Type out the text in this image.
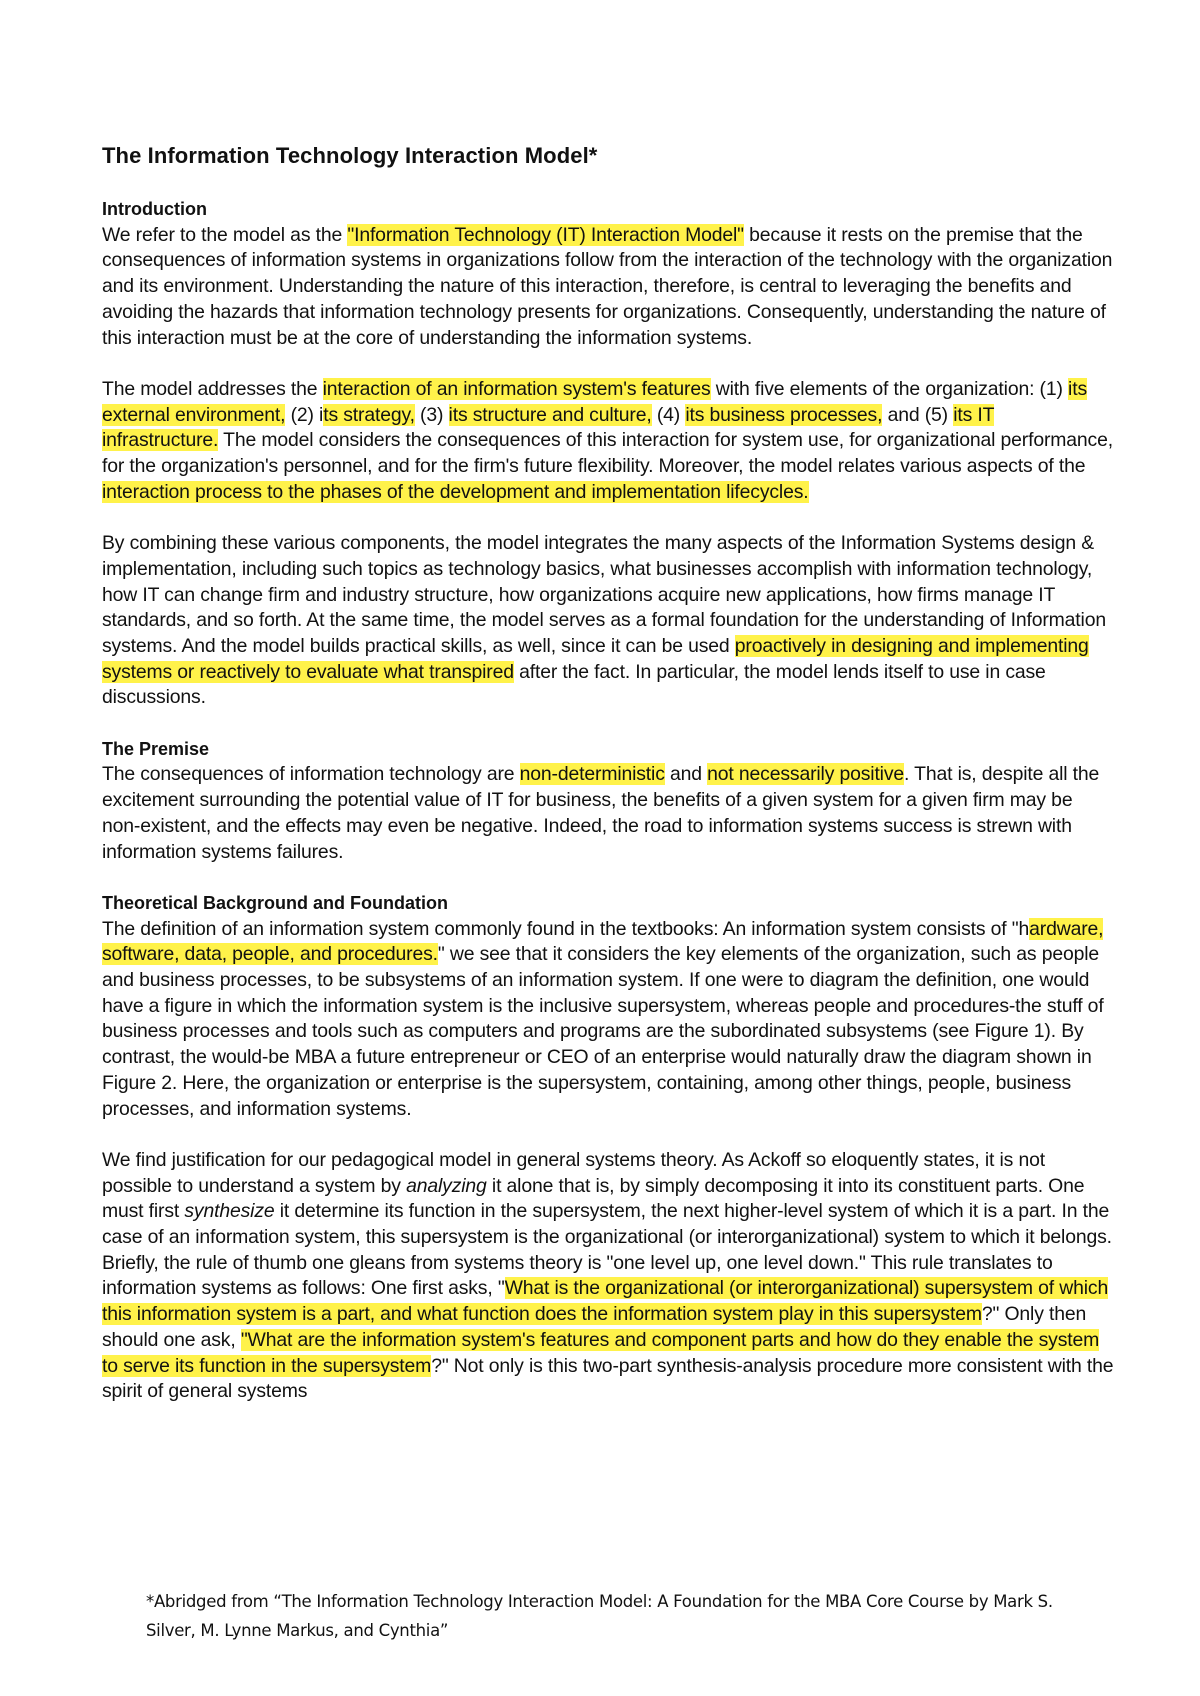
The Information Technology Interaction Model*
Introduction

We refer to the model as the "Information Technology (IT) Interaction Model" because it rests on the premise that the consequences of information systems in organizations follow from the interaction of the technology with the organization and its environment. Understanding the nature of this interaction, therefore, is central to leveraging the benefits and avoiding the hazards that information technology presents for organizations. Consequently, understanding the nature of this interaction must be at the core of understanding the information systems.

The model addresses the interaction of an information system's features with five elements of the organization: (1) its external environment, (2) its strategy, (3) its structure and culture, (4) its business processes, and (5) its IT infrastructure. The model considers the consequences of this interaction for system use, for organizational performance, for the organization's personnel, and for the firm's future flexibility. Moreover, the model relates various aspects of the interaction process to the phases of the development and implementation lifecycles.

By combining these various components, the model integrates the many aspects of the Information Systems design & implementation, including such topics as technology basics, what businesses accomplish with information technology, how IT can change firm and industry structure, how organizations acquire new applications, how firms manage IT standards, and so forth. At the same time, the model serves as a formal foundation for the understanding of Information systems. And the model builds practical skills, as well, since it can be used proactively in designing and implementing systems or reactively to evaluate what transpired after the fact. In particular, the model lends itself to use in case discussions.

The Premise

The consequences of information technology are non-deterministic and not necessarily positive. That is, despite all the excitement surrounding the potential value of IT for business, the benefits of a given system for a given firm may be non-existent, and the effects may even be negative. Indeed, the road to information systems success is strewn with information systems failures.

Theoretical Background and Foundation

The definition of an information system commonly found in the textbooks: An information system consists of "hardware, software, data, people, and procedures." we see that it considers the key elements of the organization, such as people and business processes, to be subsystems of an information system. If one were to diagram the definition, one would have a figure in which the information system is the inclusive supersystem, whereas people and procedures-the stuff of business processes and tools such as computers and programs are the subordinated subsystems (see Figure 1). By contrast, the would-be MBA a future entrepreneur or CEO of an enterprise would naturally draw the diagram shown in Figure 2. Here, the organization or enterprise is the supersystem, containing, among other things, people, business processes, and information systems.

We find justification for our pedagogical model in general systems theory. As Ackoff so eloquently states, it is not possible to understand a system by analyzing it alone that is, by simply decomposing it into its constituent parts. One must first synthesize it determine its function in the supersystem, the next higher-level system of which it is a part. In the case of an information system, this supersystem is the organizational (or interorganizational) system to which it belongs. Briefly, the rule of thumb one gleans from systems theory is "one level up, one level down." This rule translates to information systems as follows: One first asks, "What is the organizational (or interorganizational) supersystem of which this information system is a part, and what function does the information system play in this supersystem?" Only then should one ask, "What are the information system's features and component parts and how do they enable the system to serve its function in the supersystem?" Not only is this two-part synthesis-analysis procedure more consistent with the spirit of general systems

*Abridged from “The Information Technology Interaction Model: A Foundation for the MBA Core Course by Mark S. Silver, M. Lynne Markus, and Cynthia”
